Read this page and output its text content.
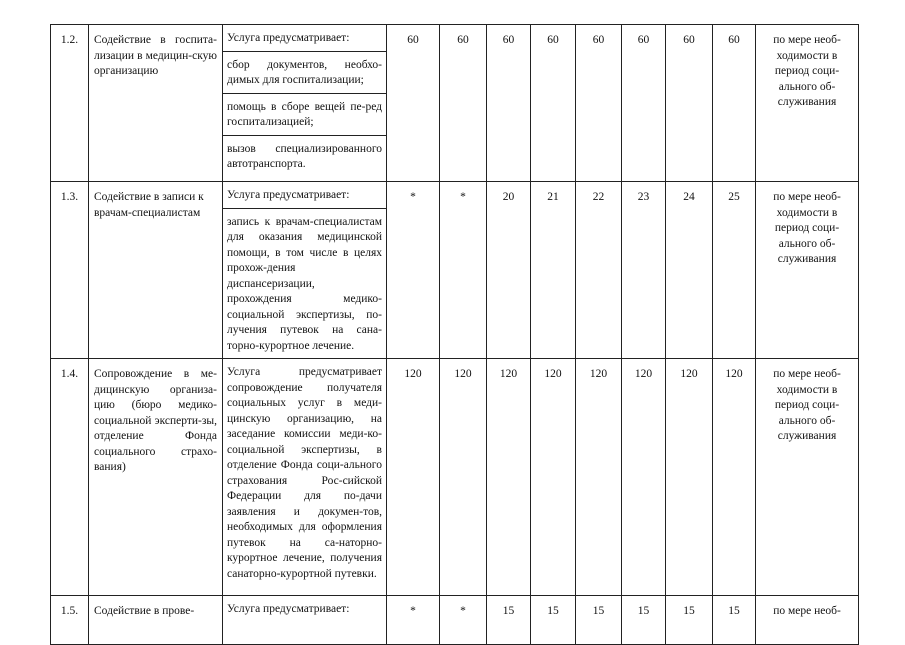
1.2.	Содействие в госпита-лизации в медицин-скую организацию	Услуга предусматривает:
сбор документов, необхо-димых для госпитализации;
помощь в сборе вещей пе-ред госпитализацией;
вызов специализированного автотранспорта.	60	60	60	60	60	60	60	60	по мере необ-ходимости в период соци-ального об-служивания
1.3.	Содействие в записи к врачам-специалистам	Услуга предусматривает:
запись к врачам-специалистам для оказания медицинской помощи, в том числе в целях прохож-дения диспансеризации, прохождения медико-социальной экспертизы, по-лучения путевок на сана-торно-курортное лечение.	*	*	20	21	22	23	24	25	по мере необ-ходимости в период соци-ального об-служивания
1.4.	Сопровождение в ме-дицинскую организа-цию (бюро медико-социальной эксперти-зы, отделение Фонда социального страхо-вания)	Услуга предусматривает сопровождение получателя социальных услуг в меди-цинскую организацию, на заседание комиссии меди-ко-социальной экспертизы, в отделение Фонда соци-ального страхования Рос-сийской Федерации для по-дачи заявления и докумен-тов, необходимых для оформления путевок на са-наторно-курортное лечение, получения санаторно-курортной путевки.	120	120	120	120	120	120	120	120	по мере необ-ходимости в период соци-ального об-служивания
1.5.	Содействие в прове-	Услуга предусматривает:	*	*	15	15	15	15	15	15	по мере необ-
